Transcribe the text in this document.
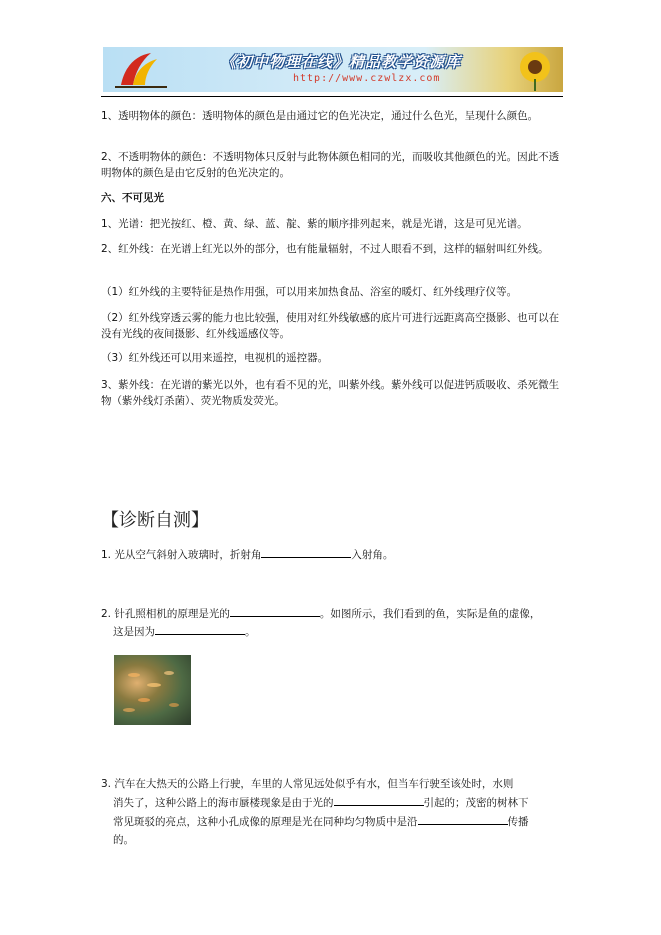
《初中物理在线》精品教学资源库
http://www.czwlzx.com

1、透明物体的颜色：透明物体的颜色是由通过它的色光决定，通过什么色光，呈现什么颜色。

2、不透明物体的颜色：不透明物体只反射与此物体颜色相同的光，而吸收其他颜色的光。因此不透明物体的颜色是由它反射的色光决定的。

六、不可见光

1、光谱：把光按红、橙、黄、绿、蓝、靛、紫的顺序排列起来，就是光谱，这是可见光谱。

2、红外线：在光谱上红光以外的部分，也有能量辐射，不过人眼看不到，这样的辐射叫红外线。

（1）红外线的主要特征是热作用强，可以用来加热食品、浴室的暖灯、红外线理疗仪等。

（2）红外线穿透云雾的能力也比较强，使用对红外线敏感的底片可进行远距离高空摄影、也可以在没有光线的夜间摄影、红外线遥感仪等。

（3）红外线还可以用来遥控，电视机的遥控器。

3、紫外线：在光谱的紫光以外，也有看不见的光，叫紫外线。紫外线可以促进钙质吸收、杀死微生物（紫外线灯杀菌）、荧光物质发荧光。

【诊断自测】

1. 光从空气斜射入玻璃时，折射角	入射角。

2. 针孔照相机的原理是光的	。如图所示，我们看到的鱼，实际是鱼的虚像，
这是因为	。

3. 汽车在大热天的公路上行驶，车里的人常见远处似乎有水，但当车行驶至该处时，水则
消失了，这种公路上的海市蜃楼现象是由于光的	引起的；茂密的树林下
常见斑驳的亮点，这种小孔成像的原理是光在同种均匀物质中是沿	传播
的。
